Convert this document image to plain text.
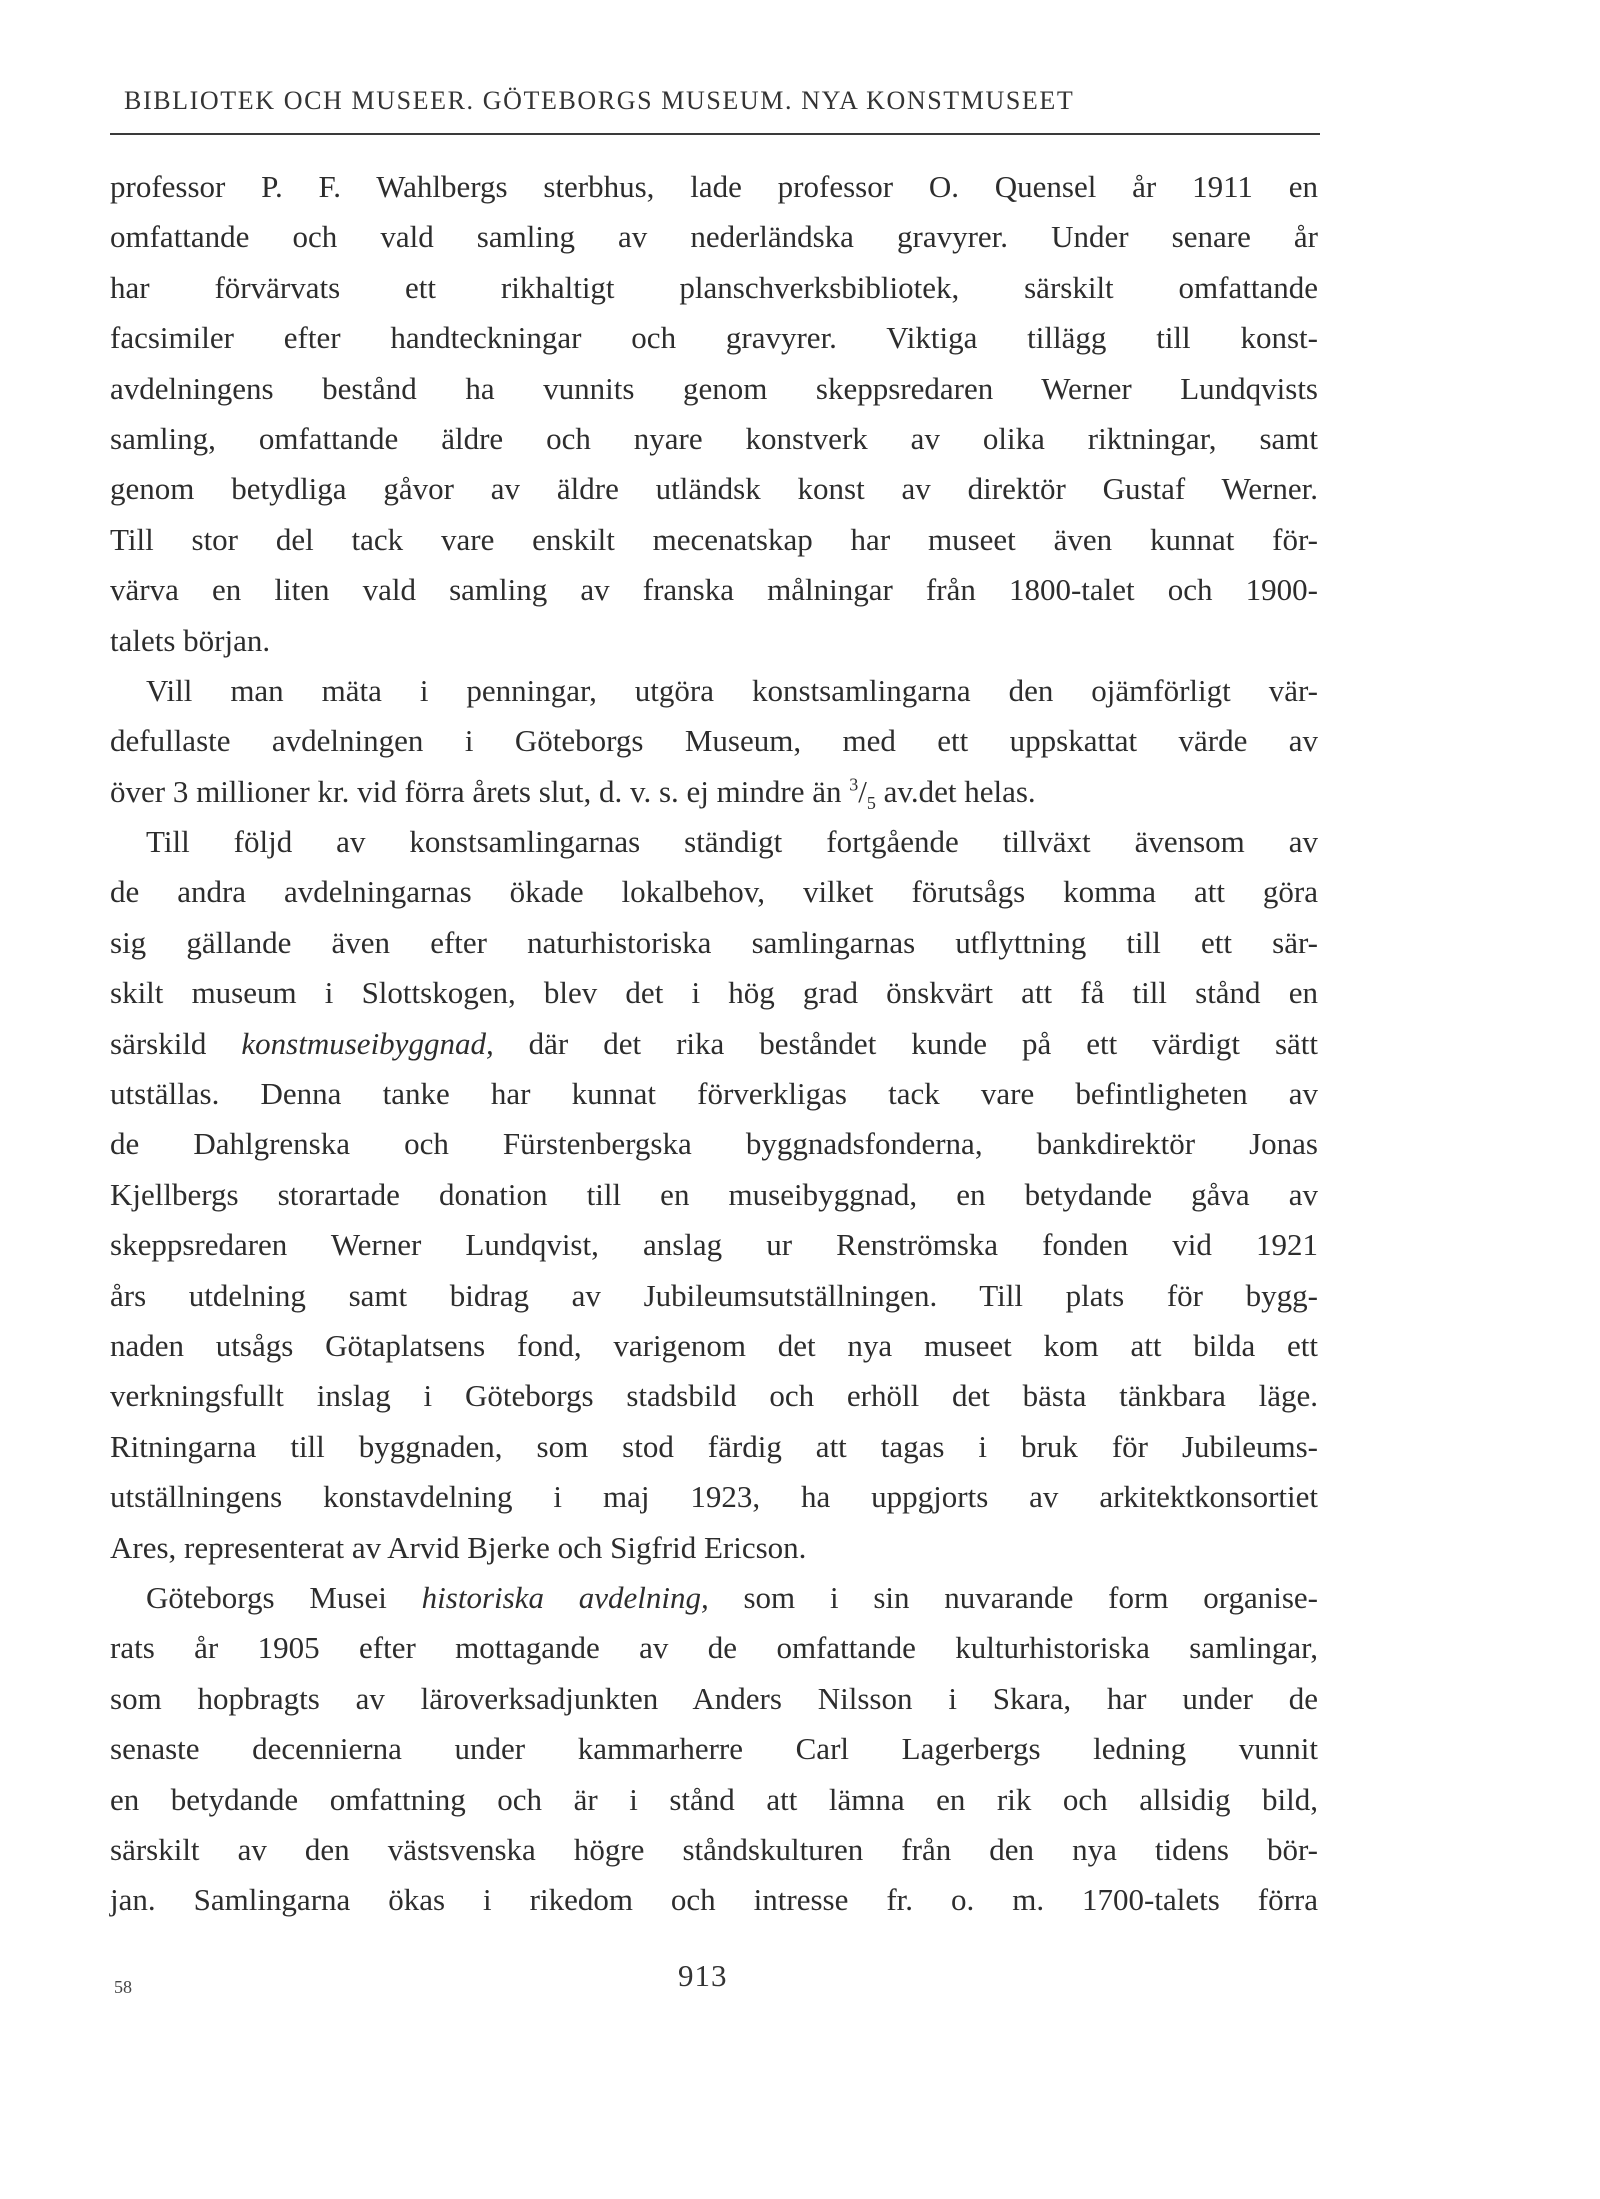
BIBLIOTEK OCH MUSEER. GÖTEBORGS MUSEUM. NYA KONSTMUSEET
professor P. F. Wahlbergs sterbhus, lade professor O. Quensel år 1911 en
omfattande och vald samling av nederländska gravyrer. Under senare år
har förvärvats ett rikhaltigt planschverksbibliotek, särskilt omfattande
facsimiler efter handteckningar och gravyrer. Viktiga tillägg till konst-
avdelningens bestånd ha vunnits genom skeppsredaren Werner Lundqvists
samling, omfattande äldre och nyare konstverk av olika riktningar, samt
genom betydliga gåvor av äldre utländsk konst av direktör Gustaf Werner.
Till stor del tack vare enskilt mecenatskap har museet även kunnat för-
värva en liten vald samling av franska målningar från 1800-talet och 1900-
talets början.
Vill man mäta i penningar, utgöra konstsamlingarna den ojämförligt vär-
defullaste avdelningen i Göteborgs Museum, med ett uppskattat värde av
över 3 millioner kr. vid förra årets slut, d. v. s. ej mindre än $^3/_5$ av.det helas.
Till följd av konstsamlingarnas ständigt fortgående tillväxt ävensom av
de andra avdelningarnas ökade lokalbehov, vilket förutsågs komma att göra
sig gällande även efter naturhistoriska samlingarnas utflyttning till ett sär-
skilt museum i Slottskogen, blev det i hög grad önskvärt att få till stånd en
särskild konstmuseibyggnad, där det rika beståndet kunde på ett värdigt sätt
utställas. Denna tanke har kunnat förverkligas tack vare befintligheten av
de Dahlgrenska och Fürstenbergska byggnadsfonderna, bankdirektör Jonas
Kjellbergs storartade donation till en museibyggnad, en betydande gåva av
skeppsredaren Werner Lundqvist, anslag ur Renströmska fonden vid 1921
års utdelning samt bidrag av Jubileumsutställningen. Till plats för bygg-
naden utsågs Götaplatsens fond, varigenom det nya museet kom att bilda ett
verkningsfullt inslag i Göteborgs stadsbild och erhöll det bästa tänkbara läge.
Ritningarna till byggnaden, som stod färdig att tagas i bruk för Jubileums-
utställningens konstavdelning i maj 1923, ha uppgjorts av arkitektkonsortiet
Ares, representerat av Arvid Bjerke och Sigfrid Ericson.
Göteborgs Musei historiska avdelning, som i sin nuvarande form organise-
rats år 1905 efter mottagande av de omfattande kulturhistoriska samlingar,
som hopbragts av läroverksadjunkten Anders Nilsson i Skara, har under de
senaste decennierna under kammarherre Carl Lagerbergs ledning vunnit
en betydande omfattning och är i stånd att lämna en rik och allsidig bild,
särskilt av den västsvenska högre ståndskulturen från den nya tidens bör-
jan. Samlingarna ökas i rikedom och intresse fr. o. m. 1700-talets förra
58	913
